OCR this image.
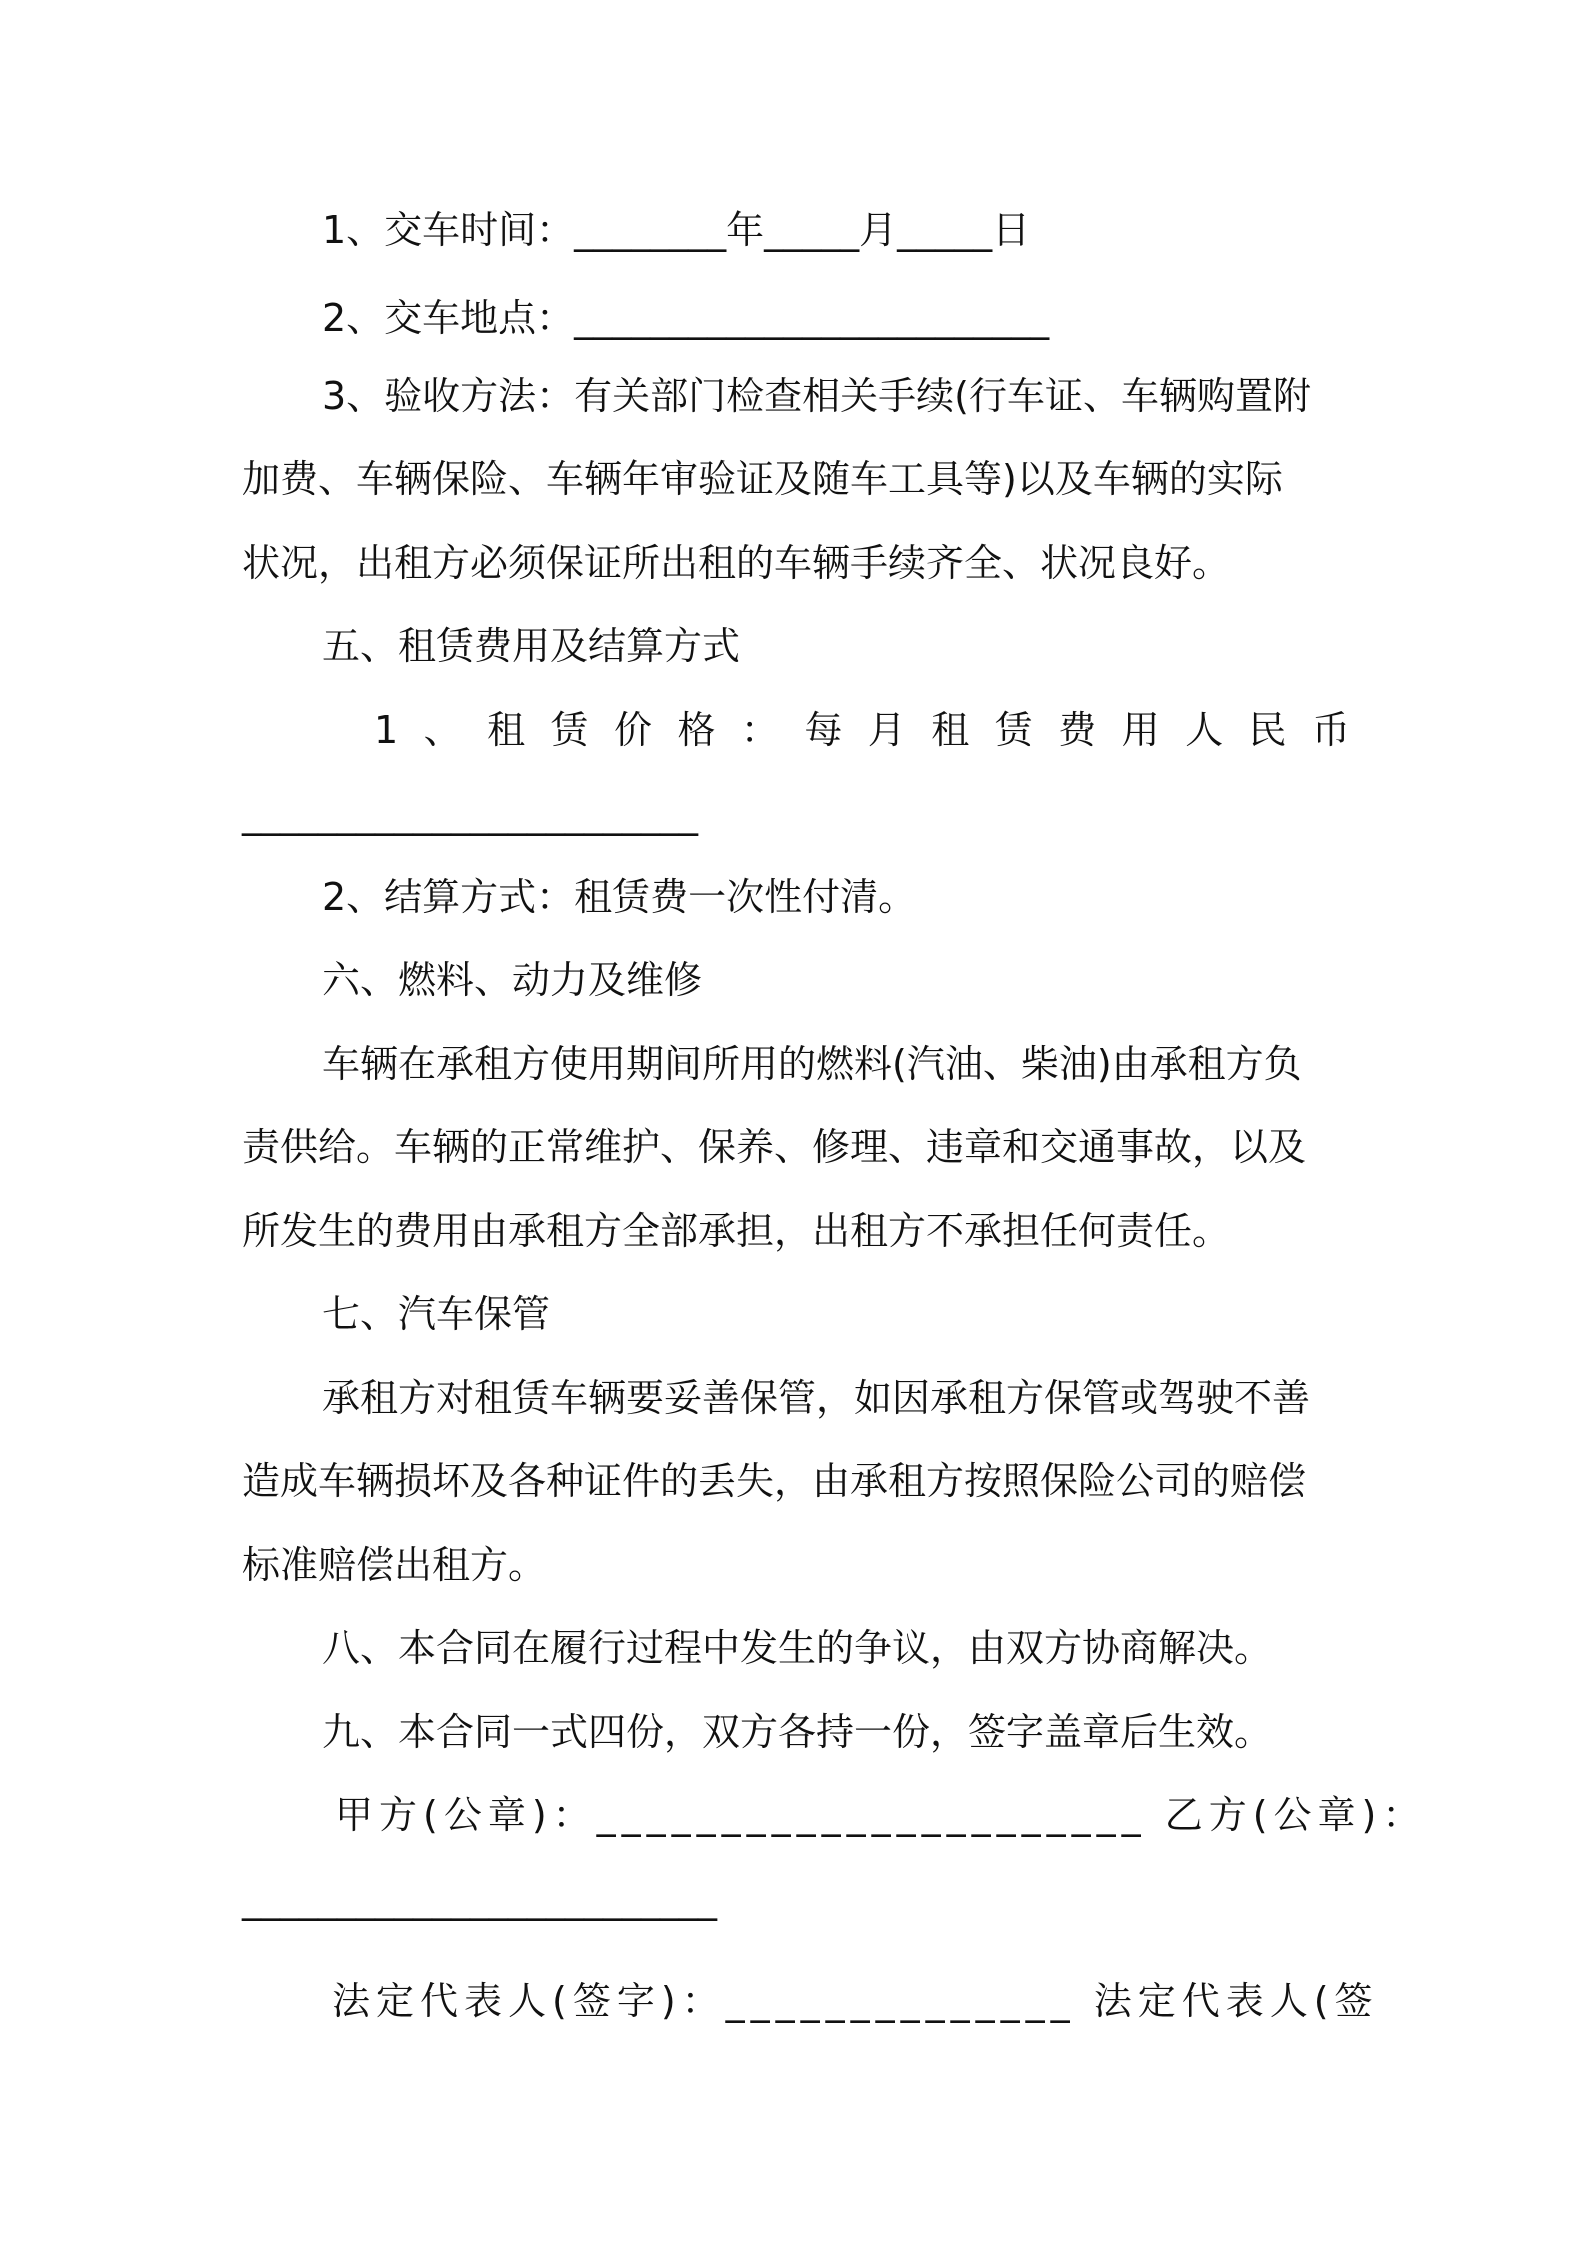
1、交车时间：________年_____月_____日
2、交车地点：_________________________
3、验收方法：有关部门检查相关手续(行车证、车辆购置附
加费、车辆保险、车辆年审验证及随车工具等)以及车辆的实际
状况，出租方必须保证所出租的车辆手续齐全、状况良好。
五、租赁费用及结算方式
1、租赁价格：每月租赁费用人民币
________________________
2、结算方式：租赁费一次性付清。
六、燃料、动力及维修
车辆在承租方使用期间所用的燃料(汽油、柴油)由承租方负
责供给。车辆的正常维护、保养、修理、违章和交通事故，以及
所发生的费用由承租方全部承担，出租方不承担任何责任。
七、汽车保管
承租方对租赁车辆要妥善保管，如因承租方保管或驾驶不善
造成车辆损坏及各种证件的丢失，由承租方按照保险公司的赔偿
标准赔偿出租方。
八、本合同在履行过程中发生的争议，由双方协商解决。
九、本合同一式四份，双方各持一份，签字盖章后生效。
甲方(公章)：______________________ 乙方(公章)：
_________________________
法定代表人(签字)：______________ 法定代表人(签
